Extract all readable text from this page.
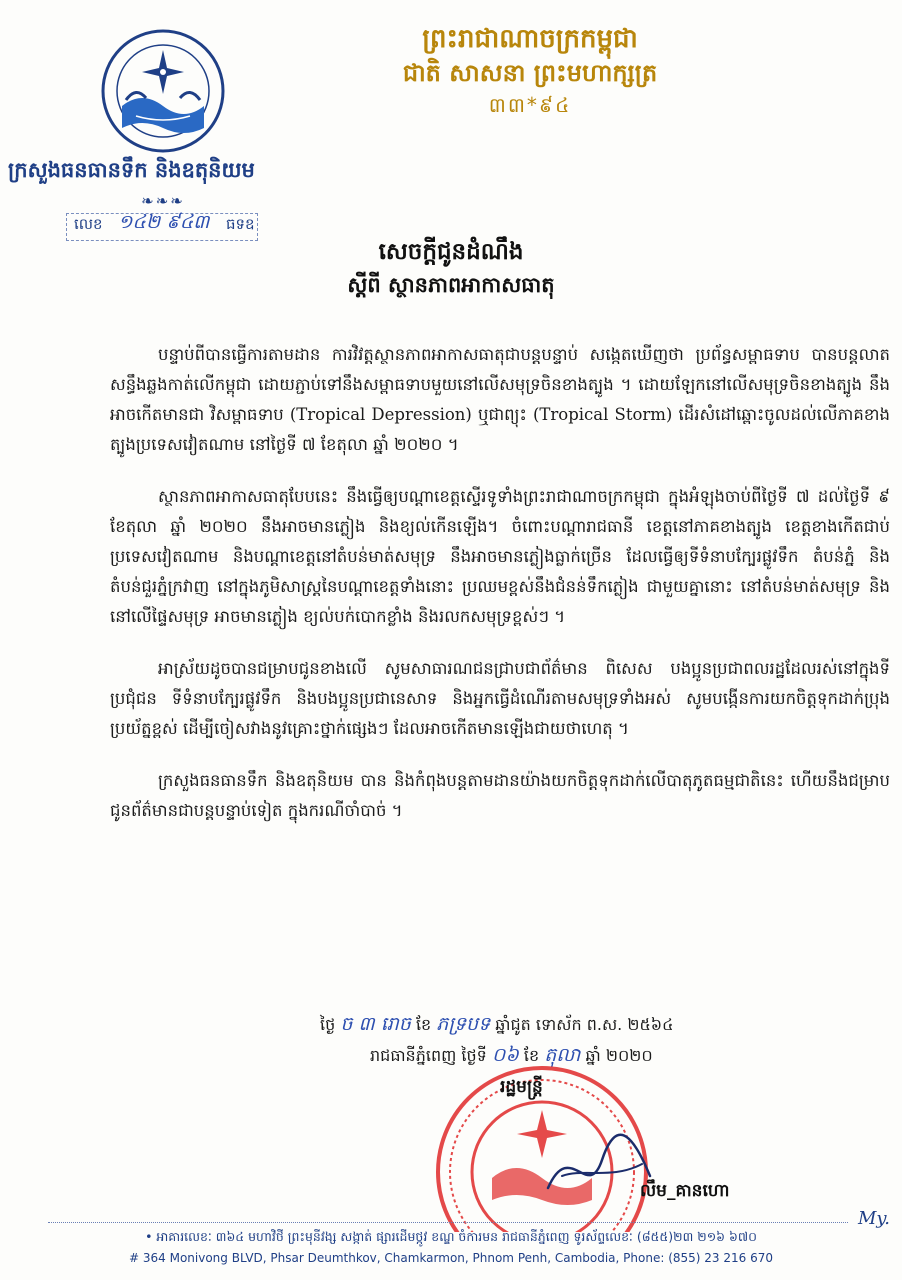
ក្រសួងធនធានទឹក និងឧតុនិយម
❧❧❧
លេខ ១៤២ ៩៤៣ ធទឧ
ព្រះរាជាណាចក្រកម្ពុជា
ជាតិ សាសនា ព្រះមហាក្សត្រ
៣៣*៩៤
សេចក្តីជូនដំណឹង
ស្តីពី ស្ថានភាពអាកាសធាតុ

បន្ទាប់ពីបានធ្វើការតាមដាន ការវិវត្តស្ថានភាពអាកាសធាតុជាបន្តបន្ទាប់ សង្កេតឃើញថា ប្រព័ន្ធសម្ពាធទាប បានបន្តលាតសន្ធឹងឆ្លងកាត់លើកម្ពុជា ដោយភ្ជាប់ទៅនឹងសម្ពាធទាបមួយនៅលើសមុទ្រចិនខាងត្បូង ។ ដោយឡែកនៅលើសមុទ្រចិនខាងត្បូង នឹងអាចកើតមានជា វិសម្ពាធទាប (Tropical Depression) ឬជាព្យុះ (Tropical Storm) ដើរសំដៅឆ្ពោះចូលដល់លើភាគខាងត្បូងប្រទេសវៀតណាម នៅថ្ងៃទី ៧ ខែតុលា ឆ្នាំ ២០២០ ។

ស្ថានភាពអាកាសធាតុបែបនេះ នឹងធ្វើឲ្យបណ្តាខេត្តស្ទើរទូទាំងព្រះរាជាណាចក្រកម្ពុជា ក្នុងអំឡុងចាប់ពីថ្ងៃទី ៧ ដល់ថ្ងៃទី ៩ ខែតុលា ឆ្នាំ ២០២០ នឹងអាចមានភ្លៀង និងខ្យល់កើនឡើង។ ចំពោះបណ្តារាជធានី ខេត្តនៅភាគខាងត្បូង ខេត្តខាងកើតជាប់ប្រទេសវៀតណាម និងបណ្តាខេត្តនៅតំបន់មាត់សមុទ្រ នឹងអាចមានភ្លៀងធ្លាក់ច្រើន ដែលធ្វើឲ្យទីទំនាបក្បែរផ្លូវទឹក តំបន់ភ្នំ និងតំបន់ជួរភ្នំក្រវាញ នៅក្នុងភូមិសាស្ត្រនៃបណ្តាខេត្តទាំងនោះ ប្រឈមខ្ពស់នឹងជំនន់ទឹកភ្លៀង ជាមួយគ្នានោះ នៅតំបន់មាត់សមុទ្រ និងនៅលើផ្ទៃសមុទ្រ អាចមានភ្លៀង ខ្យល់បក់បោកខ្លាំង និងរលកសមុទ្រខ្ពស់ៗ ។

អាស្រ័យដូចបានជម្រាបជូនខាងលើ សូមសាធារណជនជ្រាបជាព័ត៌មាន ពិសេស បងប្អូនប្រជាពលរដ្ឋដែលរស់នៅក្នុងទីប្រជុំជន ទីទំនាបក្បែរផ្លូវទឹក និងបងប្អូនប្រជានេសាទ និងអ្នកធ្វើដំណើរតាមសមុទ្រទាំងអស់ សូមបង្កើនការយកចិត្តទុកដាក់ប្រុងប្រយ័ត្នខ្ពស់ ដើម្បីចៀសវាងនូវគ្រោះថ្នាក់ផ្សេងៗ ដែលអាចកើតមានឡើងជាយថាហេតុ ។

ក្រសួងធនធានទឹក និងឧតុនិយម បាន និងកំពុងបន្តតាមដានយ៉ាងយកចិត្តទុកដាក់លើបាតុភូតធម្មជាតិនេះ ហើយនឹងជម្រាបជូនព័ត៌មានជាបន្តបន្ទាប់ទៀត ក្នុងករណីចាំបាច់ ។

ថ្ងៃ ច ៣ រោច ខែ ភទ្របទ ឆ្នាំជូត ទោស័ក ព.ស. ២៥៦៤
រាជធានីភ្នំពេញ ថ្ងៃទី ០៦ ខែ តុលា ឆ្នាំ ២០២០
រដ្ឋមន្ត្រី
លឹម_គានហោ
My.
• អាគារលេខៈ ៣៦៤ មហាវិថី ព្រះមុនីវង្ស សង្កាត់ ផ្សារដើមថ្កូវ ខណ្ឌ ចំការមន រាជធានីភ្នំពេញ ទូរស័ព្ទលេខៈ (៨៥៥)២៣ ២១៦ ៦៧០
# 364 Monivong BLVD, Phsar Deumthkov, Chamkarmon, Phnom Penh, Cambodia, Phone: (855) 23 216 670
